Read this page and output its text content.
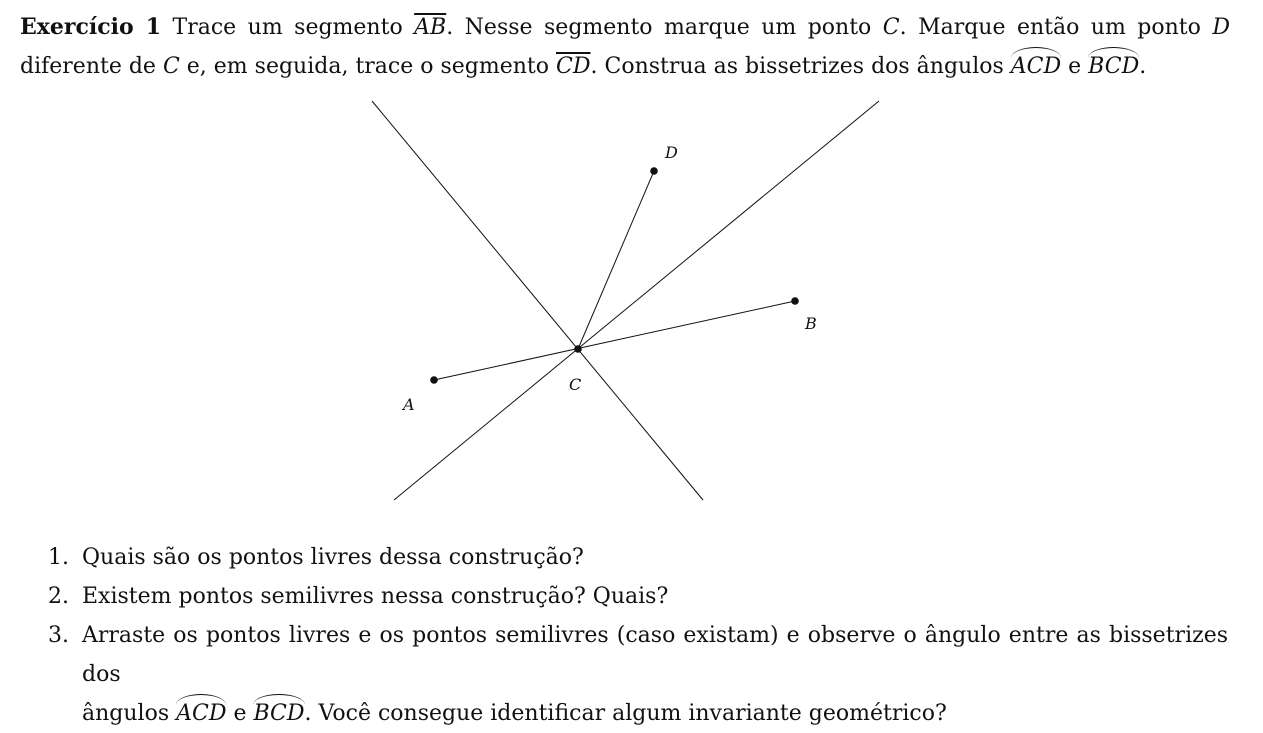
Exercício 1 Trace um segmento $\overline{AB}$. Nesse segmento marque um ponto C. Marque então um ponto D
diferente de C e, em seguida, trace o segmento $\overline{CD}$. Construa as bissetrizes dos ângulos ACD e BCD.
A
B
C
D
1. Quais são os pontos livres dessa construção?
2. Existem pontos semilivres nessa construção? Quais?
3. Arraste os pontos livres e os pontos semilivres (caso existam) e observe o ângulo entre as bissetrizes dos
ângulos ACD e BCD. Você consegue identificar algum invariante geométrico?
